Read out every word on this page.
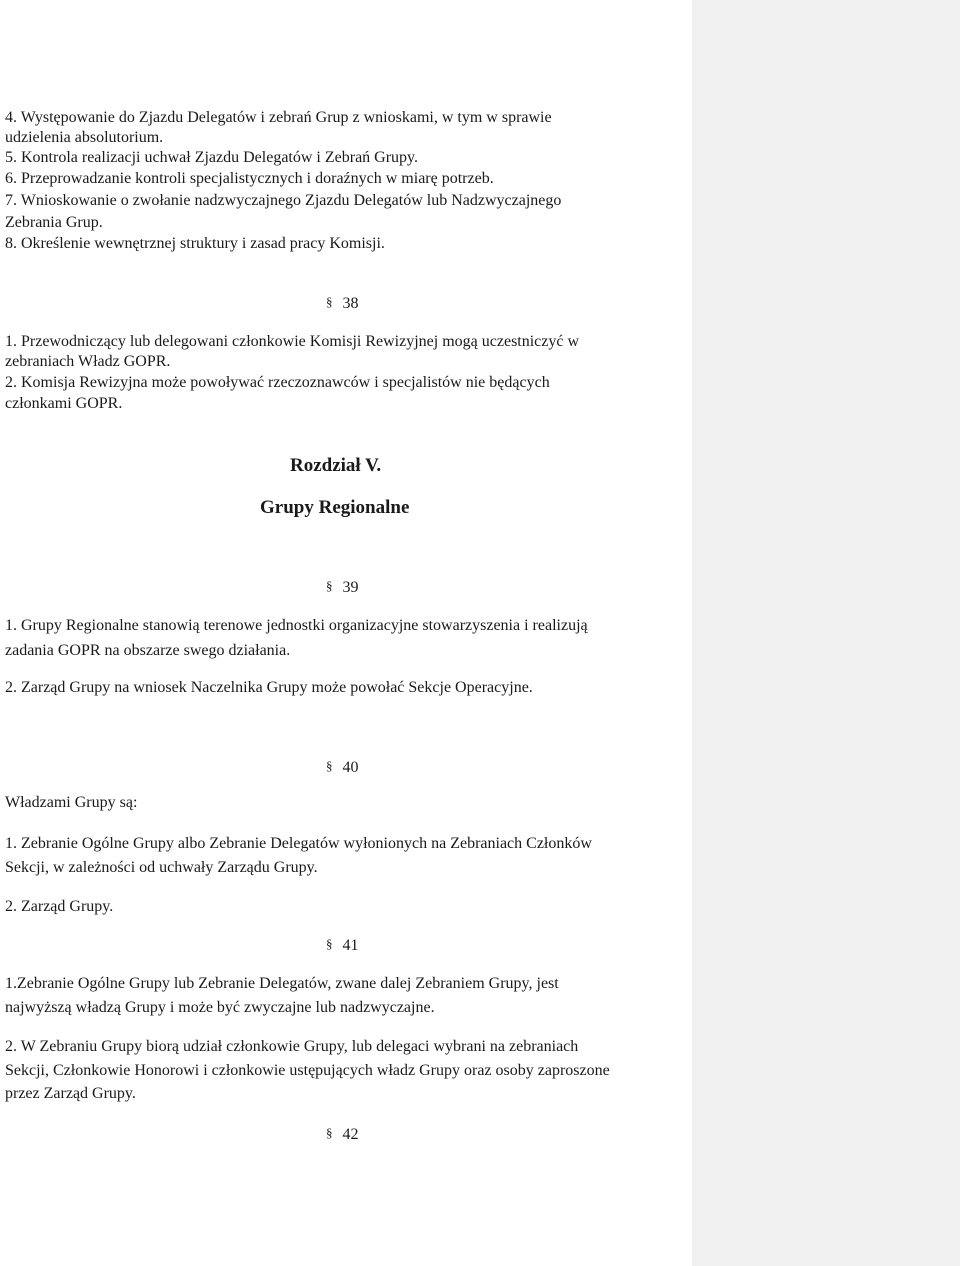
4. Występowanie do Zjazdu Delegatów i zebrań Grup z wnioskami, w tym w sprawie

udzielenia absolutorium.

5. Kontrola realizacji uchwał Zjazdu Delegatów i Zebrań Grupy.

6. Przeprowadzanie kontroli specjalistycznych i doraźnych w miarę potrzeb.

7. Wnioskowanie o zwołanie nadzwyczajnego Zjazdu Delegatów lub Nadzwyczajnego

Zebrania Grup.

8. Określenie wewnętrznej struktury i zasad pracy Komisji.

§ 38

1. Przewodniczący lub delegowani członkowie Komisji Rewizyjnej mogą uczestniczyć w

zebraniach Władz GOPR.

2. Komisja Rewizyjna może powoływać rzeczoznawców i specjalistów nie będących

członkami GOPR.

Rozdział V.
Grupy Regionalne
§ 39

1. Grupy Regionalne stanowią terenowe jednostki organizacyjne stowarzyszenia i realizują

zadania GOPR na obszarze swego działania.

2. Zarząd Grupy na wniosek Naczelnika Grupy może powołać Sekcje Operacyjne.

§ 40

Władzami Grupy są:

1. Zebranie Ogólne Grupy albo Zebranie Delegatów wyłonionych na Zebraniach Członków

Sekcji, w zależności od uchwały Zarządu Grupy.

2. Zarząd Grupy.

§ 41

1.Zebranie Ogólne Grupy lub Zebranie Delegatów, zwane dalej Zebraniem Grupy, jest

najwyższą władzą Grupy i może być zwyczajne lub nadzwyczajne.

2. W Zebraniu Grupy biorą udział członkowie Grupy, lub delegaci wybrani na zebraniach

Sekcji, Członkowie Honorowi i członkowie ustępujących władz Grupy oraz osoby zaproszone

przez Zarząd Grupy.

§ 42
